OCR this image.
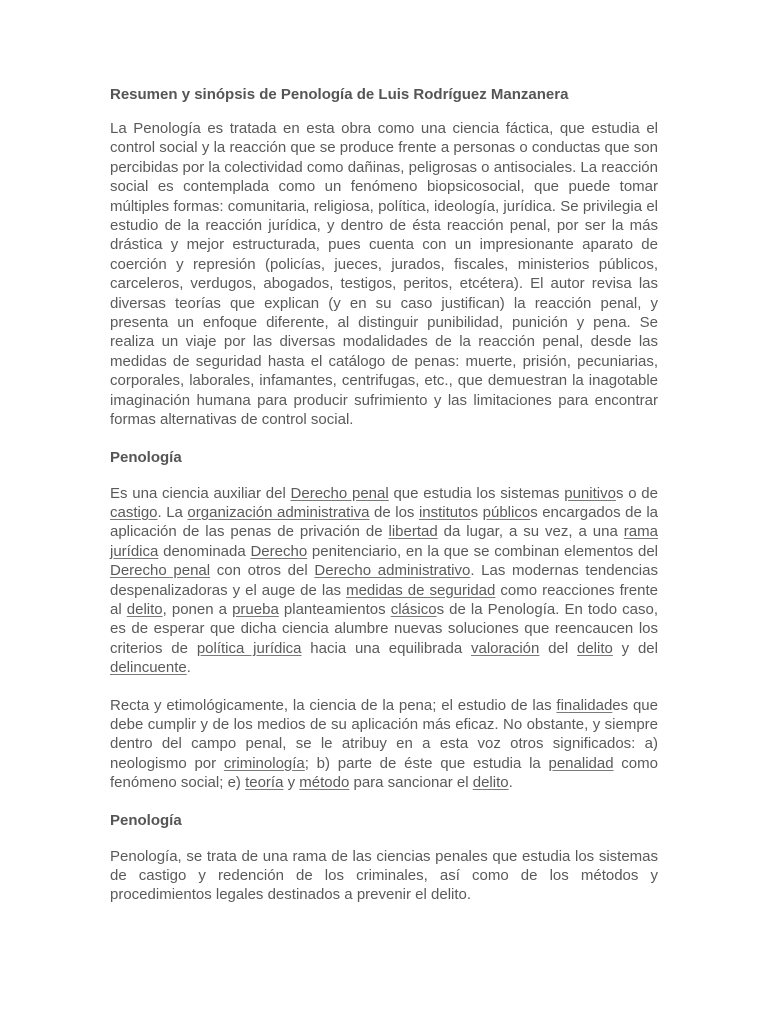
Resumen y sinópsis de Penología de Luis Rodríguez Manzanera

La Penología es tratada en esta obra como una ciencia fáctica, que estudia el control social y la reacción que se produce frente a personas o conductas que son percibidas por la colectividad como dañinas, peligrosas o antisociales. La reacción social es contemplada como un fenómeno biopsicosocial, que puede tomar múltiples formas: comunitaria, religiosa, política, ideología, jurídica. Se privilegia el estudio de la reacción jurídica, y dentro de ésta reacción penal, por ser la más drástica y mejor estructurada, pues cuenta con un impresionante aparato de coerción y represión (policías, jueces, jurados, fiscales, ministerios públicos, carceleros, verdugos, abogados, testigos, peritos, etcétera). El autor revisa las diversas teorías que explican (y en su caso justifican) la reacción penal, y presenta un enfoque diferente, al distinguir punibilidad, punición y pena. Se realiza un viaje por las diversas modalidades de la reacción penal, desde las medidas de seguridad hasta el catálogo de penas: muerte, prisión, pecuniarias, corporales, laborales, infamantes, centrifugas, etc., que demuestran la inagotable imaginación humana para producir sufrimiento y las limitaciones para encontrar formas alternativas de control social.

Penología

Es una ciencia auxiliar del Derecho penal que estudia los sistemas punitivos o de castigo. La organización administrativa de los institutos públicos encargados de la aplicación de las penas de privación de libertad da lugar, a su vez, a una rama jurídica denominada Derecho penitenciario, en la que se combinan elementos del Derecho penal con otros del Derecho administrativo. Las modernas tendencias despenalizadoras y el auge de las medidas de seguridad como reacciones frente al delito, ponen a prueba planteamientos clásicos de la Penología. En todo caso, es de esperar que dicha ciencia alumbre nuevas soluciones que reencaucen los criterios de política jurídica hacia una equilibrada valoración del delito y del delincuente.

Recta y etimológicamente, la ciencia de la pena; el estudio de las finalidades que debe cumplir y de los medios de su aplicación más eficaz. No obstante, y siempre dentro del campo penal, se le atribuy en a esta voz otros significados: a) neologismo por criminología; b) parte de éste que estudia la penalidad como fenómeno social; e) teoría y método para sancionar el delito.

Penología

Penología, se trata de una rama de las ciencias penales que estudia los sistemas de castigo y redención de los criminales, así como de los métodos y procedimientos legales destinados a prevenir el delito.
